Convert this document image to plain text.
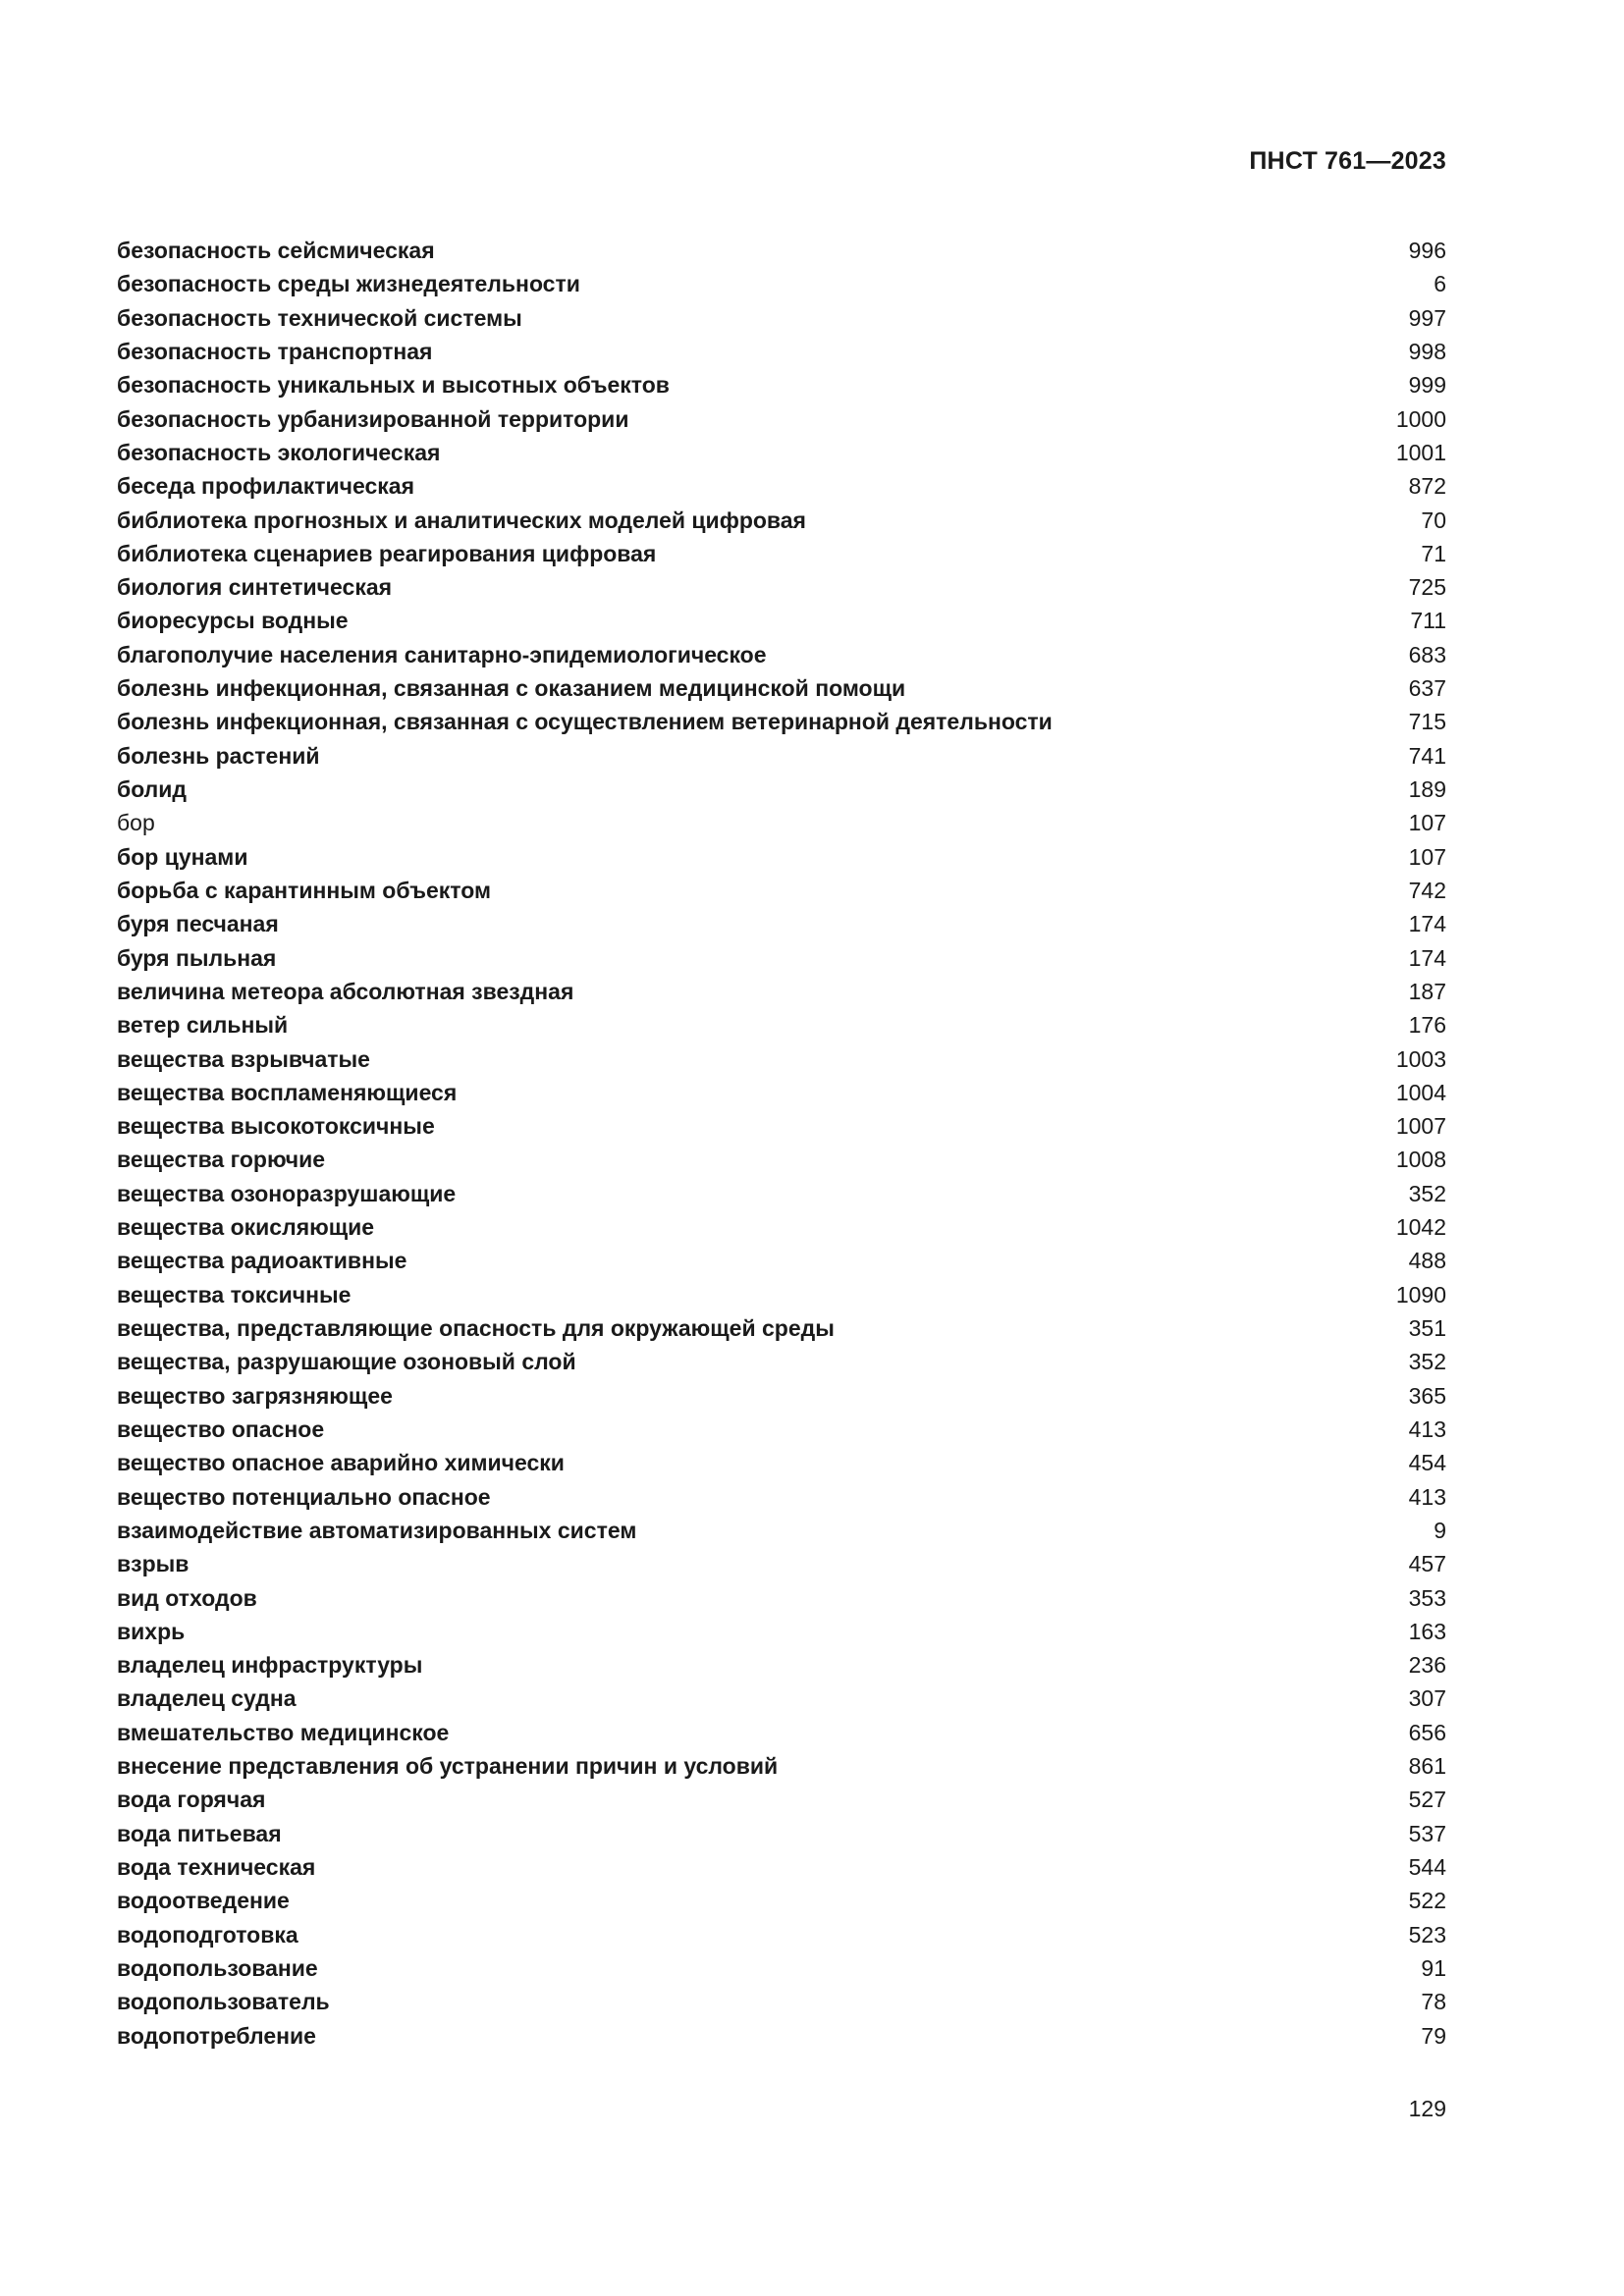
ПНСТ 761—2023
безопасность сейсмическая	996
безопасность среды жизнедеятельности	6
безопасность технической системы	997
безопасность транспортная	998
безопасность уникальных и высотных объектов	999
безопасность урбанизированной территории	1000
безопасность экологическая	1001
беседа профилактическая	872
библиотека прогнозных и аналитических моделей цифровая	70
библиотека сценариев реагирования цифровая	71
биология синтетическая	725
биоресурсы водные	711
благополучие населения санитарно-эпидемиологическое	683
болезнь инфекционная, связанная с оказанием медицинской помощи	637
болезнь инфекционная, связанная с осуществлением ветеринарной деятельности	715
болезнь растений	741
болид	189
бор	107
бор цунами	107
борьба с карантинным объектом	742
буря песчаная	174
буря пыльная	174
величина метеора абсолютная звездная	187
ветер сильный	176
вещества взрывчатые	1003
вещества воспламеняющиеся	1004
вещества высокотоксичные	1007
вещества горючие	1008
вещества озоноразрушающие	352
вещества окисляющие	1042
вещества радиоактивные	488
вещества токсичные	1090
вещества, представляющие опасность для окружающей среды	351
вещества, разрушающие озоновый слой	352
вещество загрязняющее	365
вещество опасное	413
вещество опасное аварийно химически	454
вещество потенциально опасное	413
взаимодействие автоматизированных систем	9
взрыв	457
вид отходов	353
вихрь	163
владелец инфраструктуры	236
владелец судна	307
вмешательство медицинское	656
внесение представления об устранении причин и условий	861
вода горячая	527
вода питьевая	537
вода техническая	544
водоотведение	522
водоподготовка	523
водопользование	91
водопользователь	78
водопотребление	79
129
